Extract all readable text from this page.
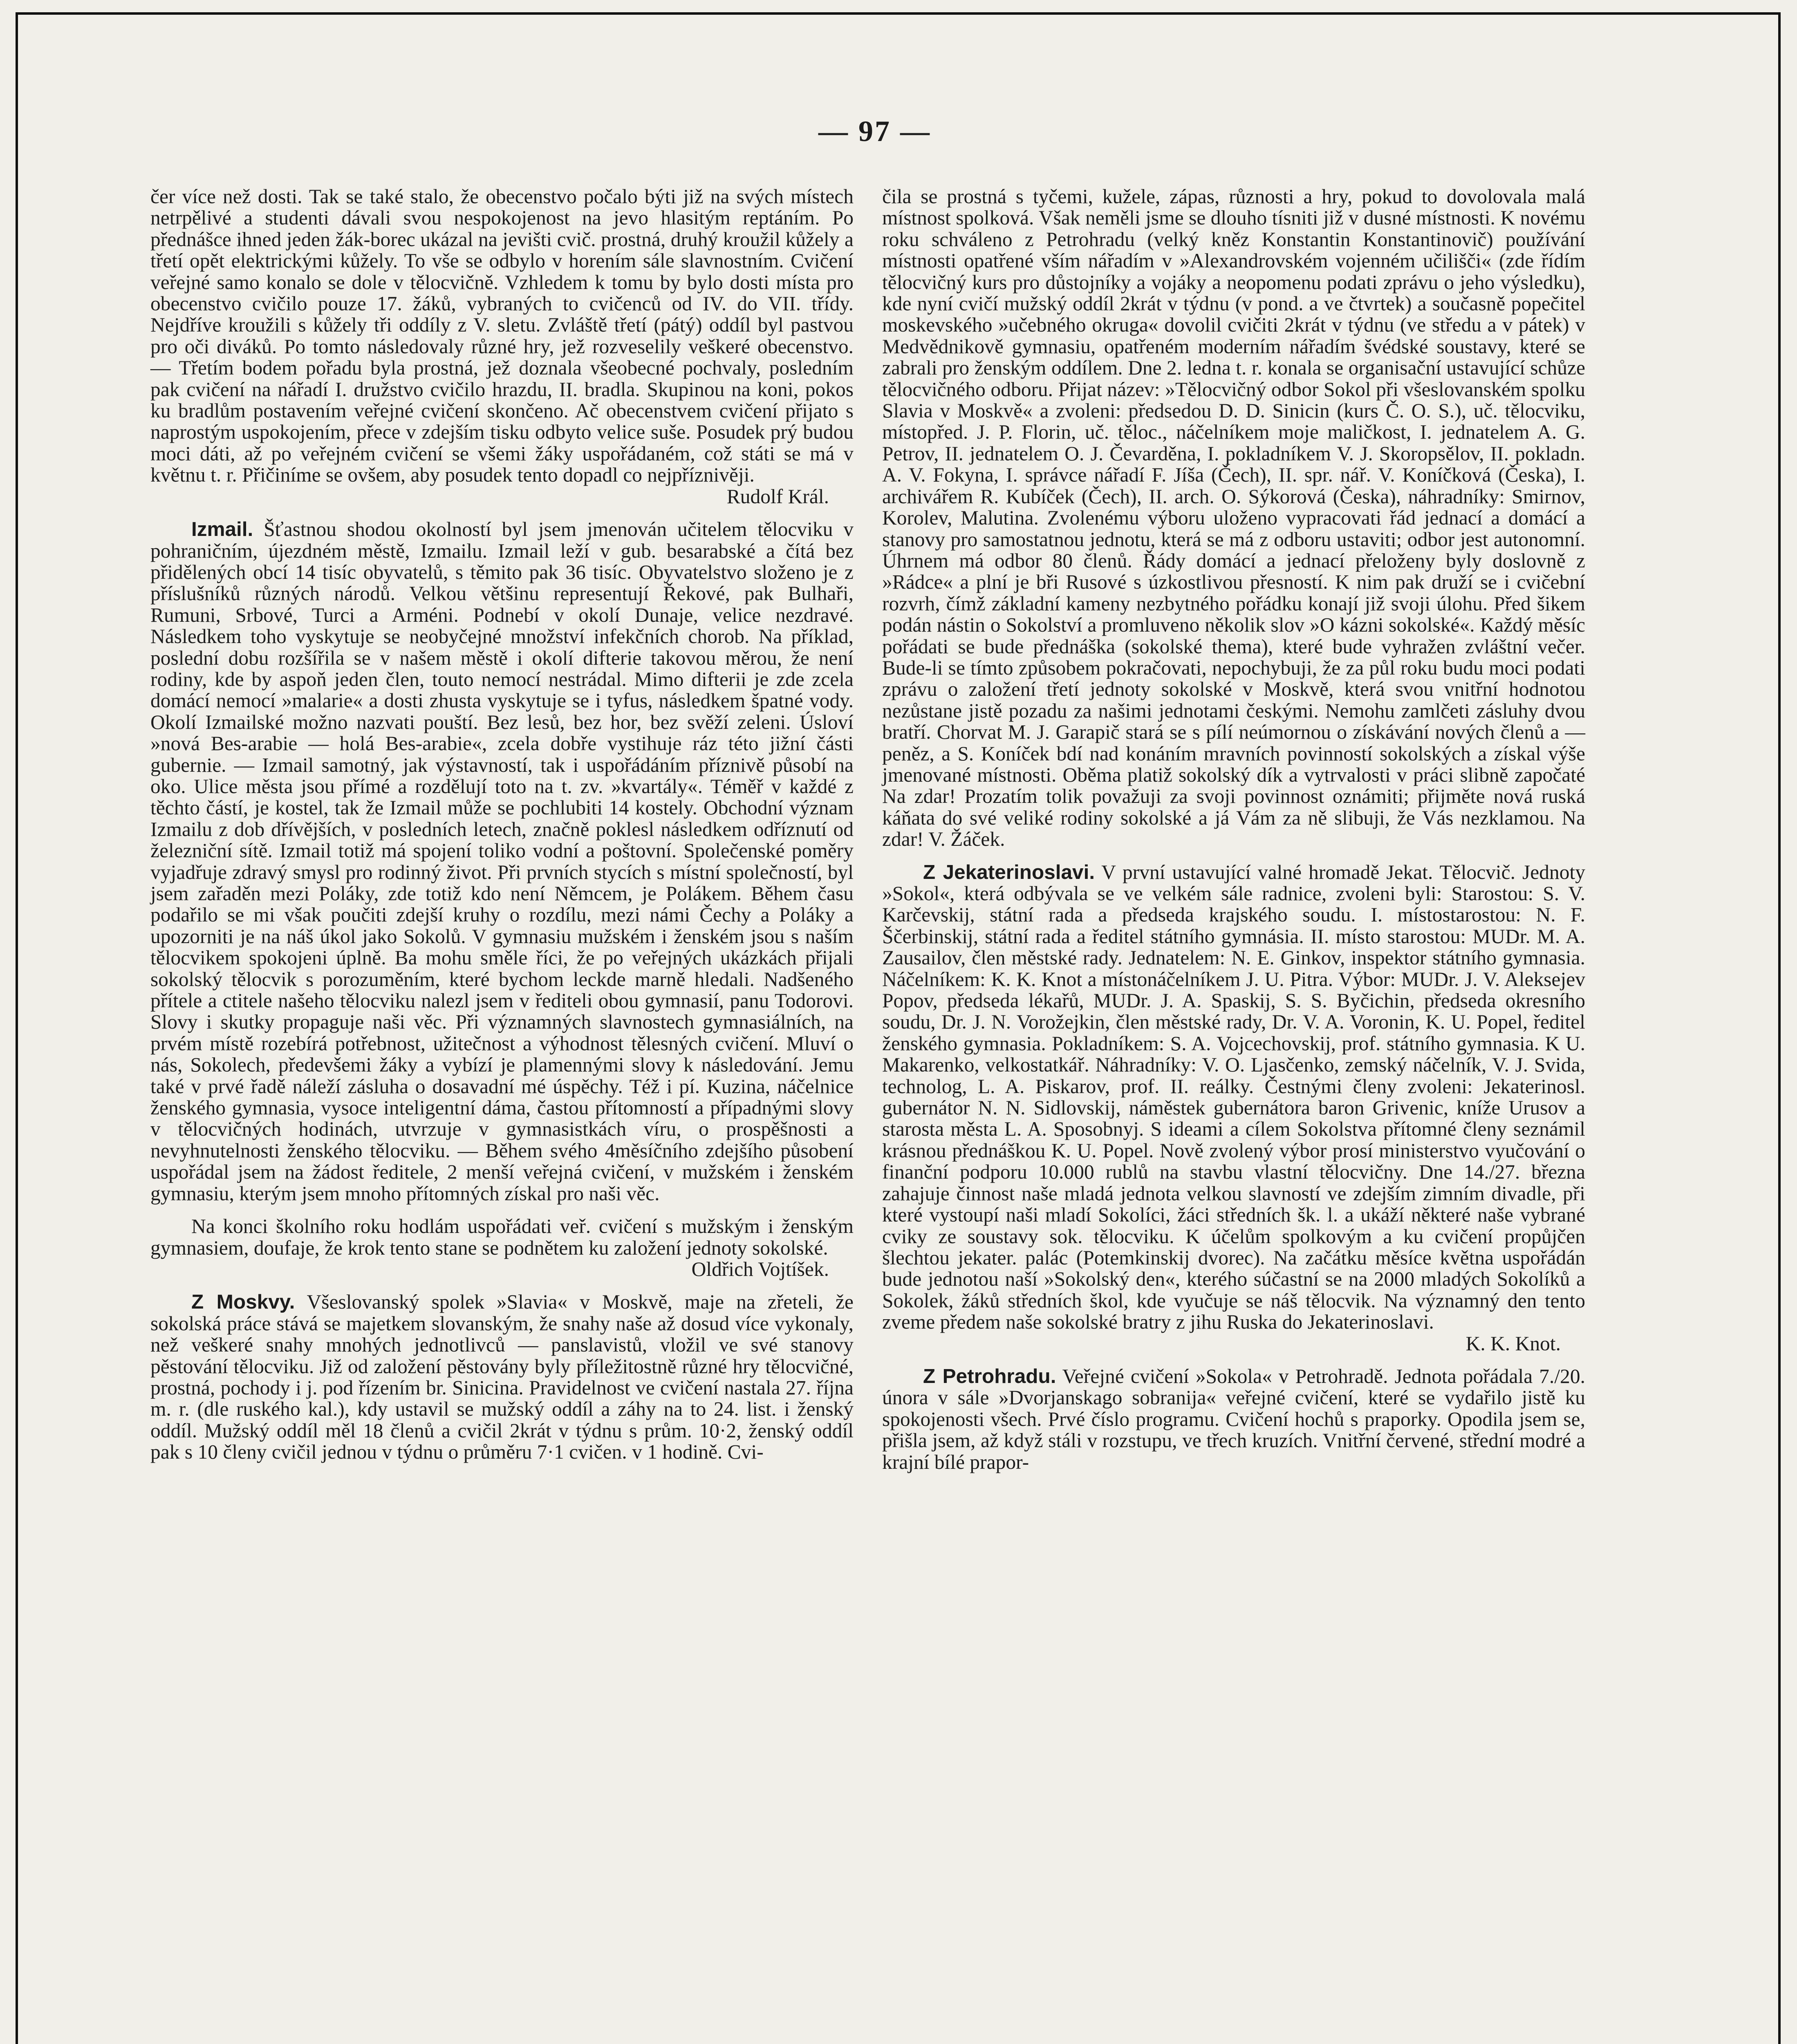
— 97 —

čer více než dosti. Tak se také stalo, že obecenstvo počalo býti již na svých místech netrpělivé a studenti dávali svou nespokojenost na jevo hlasitým reptáním. Po přednášce ihned jeden žák-borec ukázal na jevišti cvič. prostná, druhý kroužil kůžely a třetí opět elektrickými kůžely. To vše se odbylo v horením sále slavnostním. Cvičení veřejné samo konalo se dole v tělocvičně. Vzhledem k tomu by bylo dosti místa pro obecenstvo cvičilo pouze 17. žáků, vybraných to cvičenců od IV. do VII. třídy. Nejdříve kroužili s kůžely tři oddíly z V. sletu. Zvláště třetí (pátý) oddíl byl pastvou pro oči diváků. Po tomto následovaly různé hry, jež rozveselily veškeré obecenstvo. — Třetím bodem pořadu byla prostná, jež doznala všeobecné pochvaly, posledním pak cvičení na nářadí I. družstvo cvičilo hrazdu, II. bradla. Skupinou na koni, pokos ku bradlům postavením veřejné cvičení skončeno. Ač obecenstvem cvičení přijato s naprostým uspokojením, přece v zdejším tisku odbyto velice suše. Posudek prý budou moci dáti, až po veřejném cvičení se všemi žáky uspořádaném, což státi se má v květnu t. r. Přičiníme se ovšem, aby posudek tento dopadl co nejpříznivěji.

Rudolf Král.

Izmail. Šťastnou shodou okolností byl jsem jmenován učitelem tělocviku v pohraničním, újezdném městě, Izmailu. Izmail leží v gub. besarabské a čítá bez přidělených obcí 14 tisíc obyvatelů, s těmito pak 36 tisíc. Obyvatelstvo složeno je z příslušníků různých národů. Velkou většinu representují Řekové, pak Bulhaři, Rumuni, Srbové, Turci a Arméni. Podnebí v okolí Dunaje, velice nezdravé. Následkem toho vyskytuje se neobyčejné množství infekčních chorob. Na příklad, poslední dobu rozšířila se v našem městě i okolí difterie takovou měrou, že není rodiny, kde by aspoň jeden člen, touto nemocí nestrádal. Mimo difterii je zde zcela domácí nemocí »malarie« a dosti zhusta vyskytuje se i tyfus, následkem špatné vody. Okolí Izmailské možno nazvati pouští. Bez lesů, bez hor, bez svěží zeleni. Úsloví »nová Bes-arabie — holá Bes-arabie«, zcela dobře vystihuje ráz této jižní části gubernie. — Izmail samotný, jak výstavností, tak i uspořádáním příznivě působí na oko. Ulice města jsou přímé a rozdělují toto na t. zv. »kvartály«. Téměř v každé z těchto částí, je kostel, tak že Izmail může se pochlubiti 14 kostely. Obchodní význam Izmailu z dob dřívějších, v posledních letech, značně poklesl následkem odříznutí od železniční sítě. Izmail totiž má spojení toliko vodní a poštovní. Společenské poměry vyjadřuje zdravý smysl pro rodinný život. Při prvních stycích s místní společností, byl jsem zařaděn mezi Poláky, zde totiž kdo není Němcem, je Polákem. Během času podařilo se mi však poučiti zdejší kruhy o rozdílu, mezi námi Čechy a Poláky a upozorniti je na náš úkol jako Sokolů. V gymnasiu mužském i ženském jsou s naším tělocvikem spokojeni úplně. Ba mohu směle říci, že po veřejných ukázkách přijali sokolský tělocvik s porozuměním, které bychom leckde marně hledali. Nadšeného přítele a ctitele našeho tělocviku nalezl jsem v řediteli obou gymnasií, panu Todorovi. Slovy i skutky propaguje naši věc. Při významných slavnostech gymnasiálních, na prvém místě rozebírá potřebnost, užitečnost a výhodnost tělesných cvičení. Mluví o nás, Sokolech, předevšemi žáky a vybízí je plamennými slovy k následování. Jemu také v prvé řadě náleží zásluha o dosavadní mé úspěchy. Též i pí. Kuzina, náčelnice ženského gymnasia, vysoce inteligentní dáma, častou přítomností a případnými slovy v tělocvičných hodinách, utvrzuje v gymnasistkách víru, o prospěšnosti a nevyhnutelnosti ženského tělocviku. — Během svého 4měsíčního zdejšího působení uspořádal jsem na žádost ředitele, 2 menší veřejná cvičení, v mužském i ženském gymnasiu, kterým jsem mnoho přítomných získal pro naši věc.

Na konci školního roku hodlám uspořádati veř. cvičení s mužským i ženským gymnasiem, doufaje, že krok tento stane se podnětem ku založení jednoty sokolské.

Oldřich Vojtíšek.

Z Moskvy. Všeslovanský spolek »Slavia« v Moskvě, maje na zřeteli, že sokolská práce stává se majetkem slovanským, že snahy naše až dosud více vykonaly, než veškeré snahy mnohých jednotlivců — panslavistů, vložil ve své stanovy pěstování tělocviku. Již od založení pěstovány byly příležitostně různé hry tělocvičné, prostná, pochody i j. pod řízením br. Sinicina. Pravidelnost ve cvičení nastala 27. října m. r. (dle ruského kal.), kdy ustavil se mužský oddíl a záhy na to 24. list. i ženský oddíl. Mužský oddíl měl 18 členů a cvičil 2krát v týdnu s prům. 10·2, ženský oddíl pak s 10 členy cvičil jednou v týdnu o průměru 7·1 cvičen. v 1 hodině. Cvi-

čila se prostná s tyčemi, kužele, zápas, různosti a hry, pokud to dovolovala malá místnost spolková. Však neměli jsme se dlouho tísniti již v dusné místnosti. K novému roku schváleno z Petrohradu (velký kněz Konstantin Konstantinovič) používání místnosti opatřené vším nářadím v »Alexandrovském vojenném učilišči« (zde řídím tělocvičný kurs pro důstojníky a vojáky a neopomenu podati zprávu o jeho výsledku), kde nyní cvičí mužský oddíl 2krát v týdnu (v pond. a ve čtvrtek) a současně popečitel moskevského »učebného okruga« dovolil cvičiti 2krát v týdnu (ve středu a v pátek) v Medvědnikově gymnasiu, opatřeném moderním nářadím švédské soustavy, které se zabrali pro ženským oddílem. Dne 2. ledna t. r. konala se organisační ustavující schůze tělocvičného odboru. Přijat název: »Tělocvičný odbor Sokol při všeslovanském spolku Slavia v Moskvě« a zvoleni: předsedou D. D. Sinicin (kurs Č. O. S.), uč. tělocviku, místopřed. J. P. Florin, uč. těloc., náčelníkem moje maličkost, I. jednatelem A. G. Petrov, II. jednatelem O. J. Čevarděna, I. pokladníkem V. J. Skoropsělov, II. pokladn. A. V. Fokyna, I. správce nářadí F. Jíša (Čech), II. spr. nář. V. Koníčková (Česka), I. archivářem R. Kubíček (Čech), II. arch. O. Sýkorová (Česka), náhradníky: Smirnov, Korolev, Malutina. Zvolenému výboru uloženo vypracovati řád jednací a domácí a stanovy pro samostatnou jednotu, která se má z odboru ustaviti; odbor jest autonomní. Úhrnem má odbor 80 členů. Řády domácí a jednací přeloženy byly doslovně z »Rádce« a plní je bři Rusové s úzkostlivou přesností. K nim pak druží se i cvičební rozvrh, čímž základní kameny nezbytného pořádku konají již svoji úlohu. Před šikem podán nástin o Sokolství a promluveno několik slov »O kázni sokolské«. Každý měsíc pořádati se bude přednáška (sokolské thema), které bude vyhražen zvláštní večer. Bude-li se tímto způsobem pokračovati, nepochybuji, že za půl roku budu moci podati zprávu o založení třetí jednoty sokolské v Moskvě, která svou vnitřní hodnotou nezůstane jistě pozadu za našimi jednotami českými. Nemohu zamlčeti zásluhy dvou bratří. Chorvat M. J. Garapič stará se s pílí neúmornou o získávání nových členů a — peněz, a S. Koníček bdí nad konáním mravních povinností sokolských a získal výše jmenované místnosti. Oběma platiž sokolský dík a vytrvalosti v práci slibně započaté Na zdar! Prozatím tolik považuji za svoji povinnost oznámiti; přijměte nová ruská káňata do své veliké rodiny sokolské a já Vám za ně slibuji, že Vás nezklamou. Na zdar! V. Žáček.

Z Jekaterinoslavi. V první ustavující valné hromadě Jekat. Tělocvič. Jednoty »Sokol«, která odbývala se ve velkém sále radnice, zvoleni byli: Starostou: S. V. Karčevskij, státní rada a předseda krajského soudu. I. místostarostou: N. F. Ščerbinskij, státní rada a ředitel státního gymnásia. II. místo starostou: MUDr. M. A. Zausailov, člen městské rady. Jednatelem: N. E. Ginkov, inspektor státního gymnasia. Náčelníkem: K. K. Knot a místonáčelníkem J. U. Pitra. Výbor: MUDr. J. V. Aleksejev Popov, předseda lékařů, MUDr. J. A. Spaskij, S. S. Byčichin, předseda okresního soudu, Dr. J. N. Vorožejkin, člen městské rady, Dr. V. A. Voronin, K. U. Popel, ředitel ženského gymnasia. Pokladníkem: S. A. Vojcechovskij, prof. státního gymnasia. K U. Makarenko, velkostatkář. Náhradníky: V. O. Ljasčenko, zemský náčelník, V. J. Svida, technolog, L. A. Piskarov, prof. II. reálky. Čestnými členy zvoleni: Jekaterinosl. gubernátor N. N. Sidlovskij, náměstek gubernátora baron Grivenic, kníže Urusov a starosta města L. A. Sposobnyj. S ideami a cílem Sokolstva přítomné členy seznámil krásnou přednáškou K. U. Popel. Nově zvolený výbor prosí ministerstvo vyučování o finanční podporu 10.000 rublů na stavbu vlastní tělocvičny. Dne 14./27. března zahajuje činnost naše mladá jednota velkou slavností ve zdejším zimním divadle, při které vystoupí naši mladí Sokolíci, žáci středních šk. l. a ukáží některé naše vybrané cviky ze soustavy sok. tělocviku. K účelům spolkovým a ku cvičení propůjčen šlechtou jekater. palác (Potemkinskij dvorec). Na začátku měsíce května uspořádán bude jednotou naší »Sokolský den«, kterého súčastní se na 2000 mladých Sokolíků a Sokolek, žáků středních škol, kde vyučuje se náš tělocvik. Na významný den tento zveme předem naše sokolské bratry z jihu Ruska do Jekaterinoslavi.

K. K. Knot.

Z Petrohradu. Veřejné cvičení »Sokola« v Petrohradě. Jednota pořádala 7./20. února v sále »Dvorjanskago sobranija« veřejné cvičení, které se vydařilo jistě ku spokojenosti všech. Prvé číslo programu. Cvičení hochů s praporky. Opodila jsem se, přišla jsem, až když stáli v rozstupu, ve třech kruzích. Vnitřní červené, střední modré a krajní bílé prapor-
